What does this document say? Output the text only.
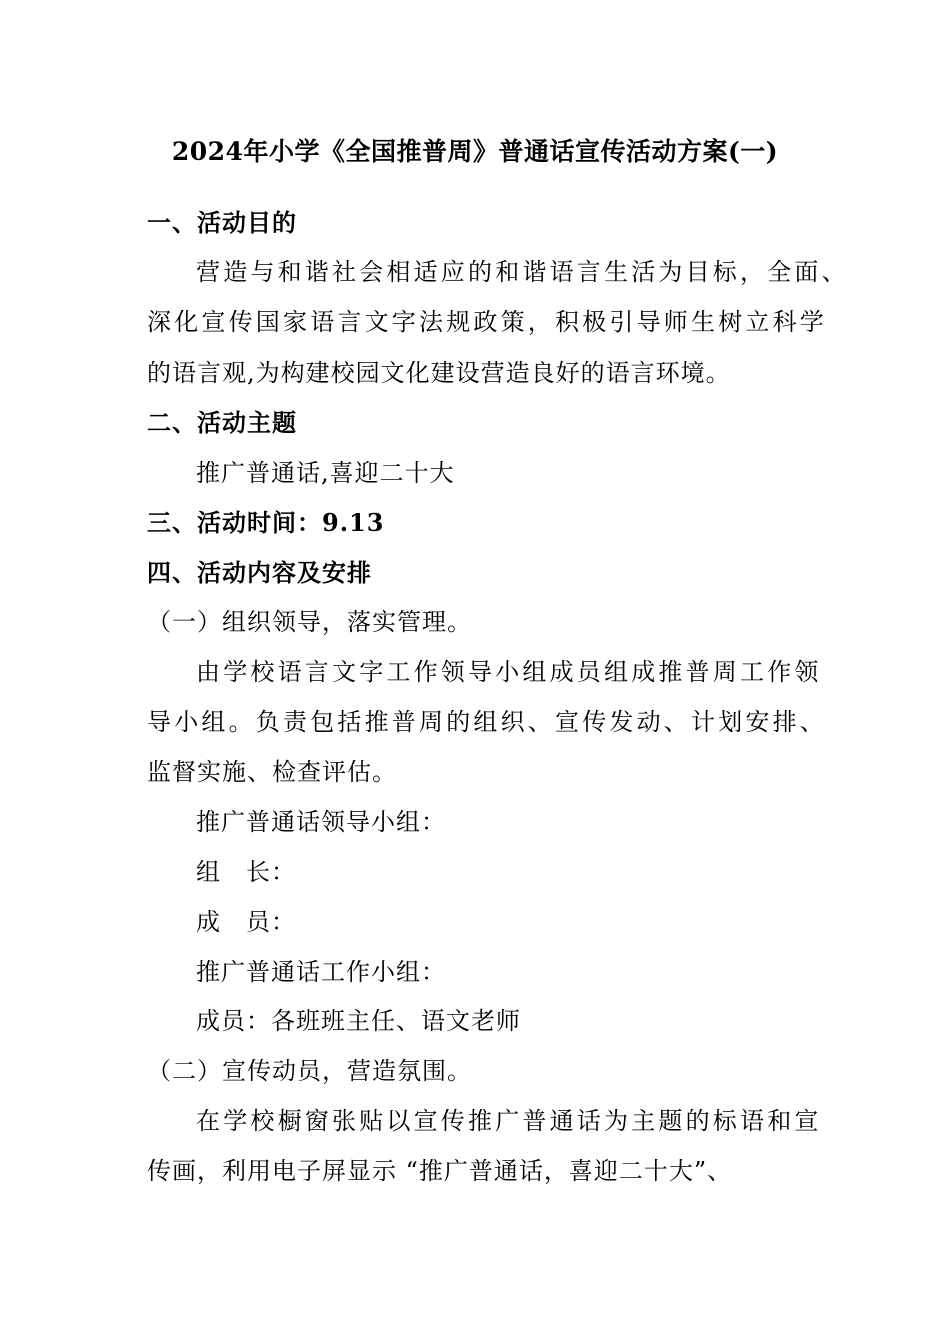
2024年小学《全国推普周》普通话宣传活动方案(一)
一、活动目的
营造与和谐社会相适应的和谐语言生活为目标，全面、
深化宣传国家语言文字法规政策，积极引导师生树立科学
的语言观,为构建校园文化建设营造良好的语言环境。
二、活动主题
推广普通话,喜迎二十大
三、活动时间：9.13
四、活动内容及安排
（一）组织领导，落实管理。
由学校语言文字工作领导小组成员组成推普周工作领
导小组。负责包括推普周的组织、宣传发动、计划安排、
监督实施、检查评估。
推广普通话领导小组：
组　长：
成　员：
推广普通话工作小组：
成员：各班班主任、语文老师
（二）宣传动员，营造氛围。
在学校橱窗张贴以宣传推广普通话为主题的标语和宣
传画，利用电子屏显示 “推广普通话，喜迎二十大”、
